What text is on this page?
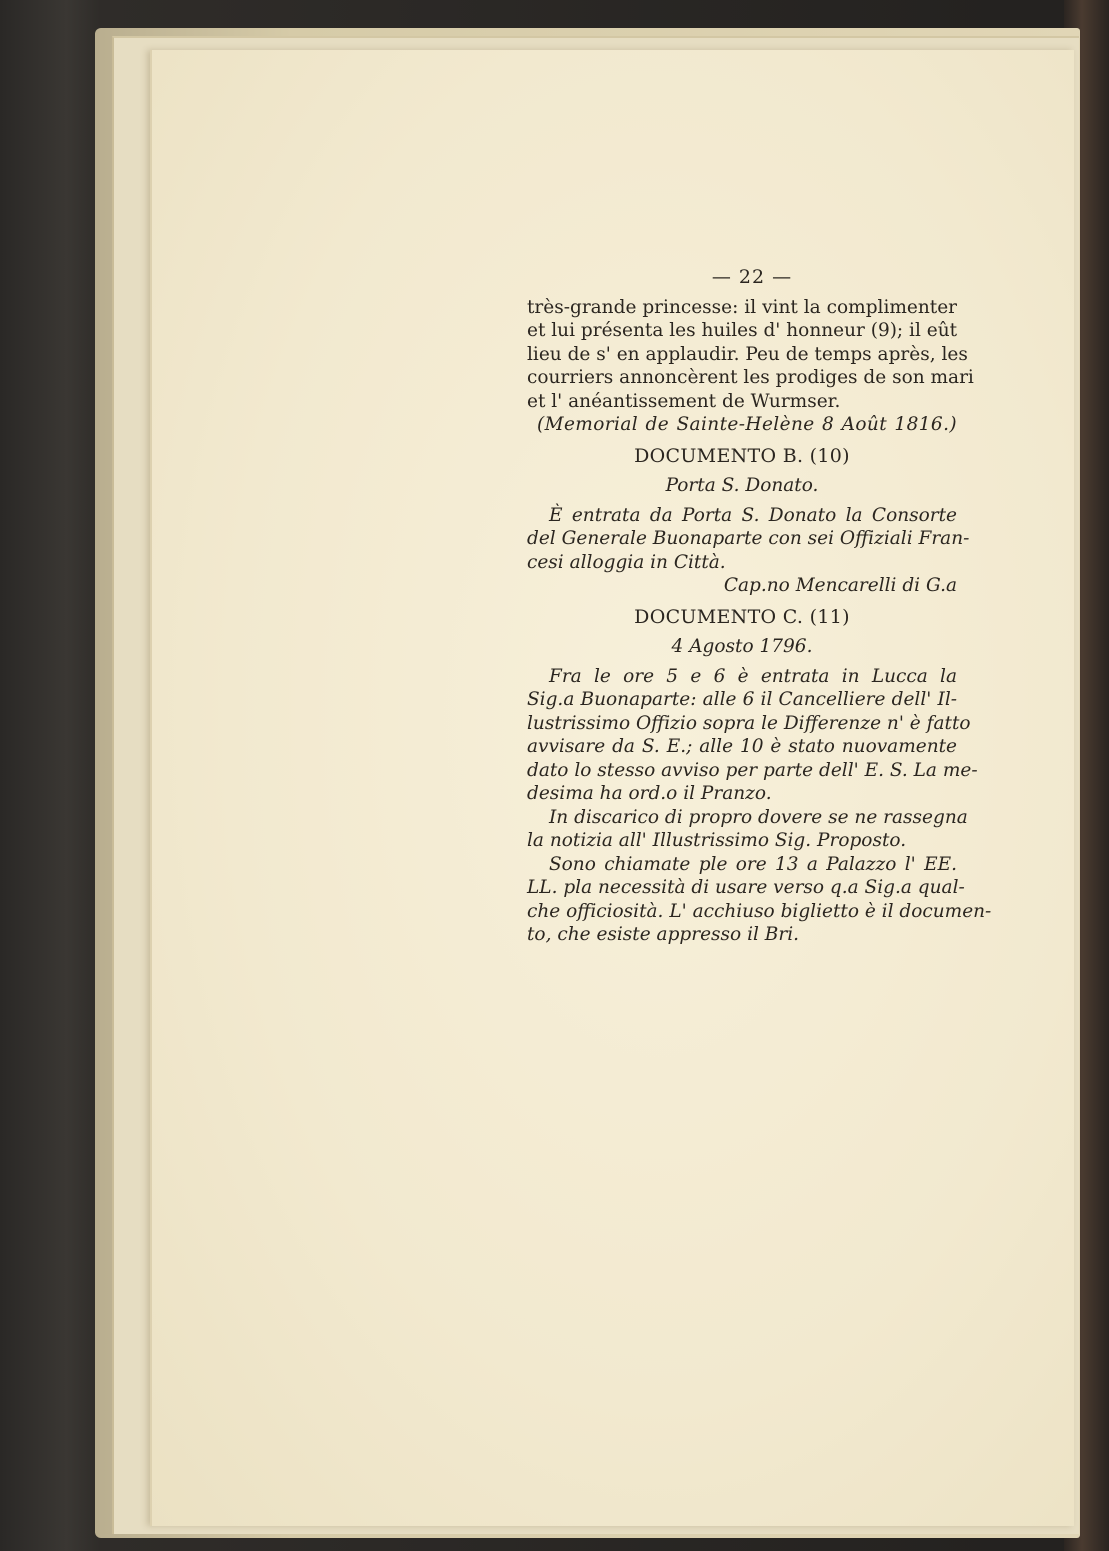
— 22 —
très-grande princesse: il vint la complimenter
et lui présenta les huiles d' honneur (9); il eût
lieu de s' en applaudir. Peu de temps après, les
courriers annoncèrent les prodiges de son mari
et l' anéantissement de Wurmser.
(Memorial de Sainte-Helène 8 Août 1816.)
DOCUMENTO B. (10)
Porta S. Donato.
È entrata da Porta S. Donato la Consorte
del Generale Buonaparte con sei Offiziali Fran-
cesi alloggia in Città.
Cap.no Mencarelli di G.a
DOCUMENTO C. (11)
4 Agosto 1796.
Fra le ore 5 e 6 è entrata in Lucca la
Sig.a Buonaparte: alle 6 il Cancelliere dell' Il-
lustrissimo Offizio sopra le Differenze n' è fatto
avvisare da S. E.; alle 10 è stato nuovamente
dato lo stesso avviso per parte dell' E. S. La me-
desima ha ord.o il Pranzo.
In discarico di propro dovere se ne rassegna
la notizia all' Illustrissimo Sig. Proposto.
Sono chiamate ple ore 13 a Palazzo l' EE.
LL. pla necessità di usare verso q.a Sig.a qual-
che officiosità. L' acchiuso biglietto è il documen-
to, che esiste appresso il Bri.
